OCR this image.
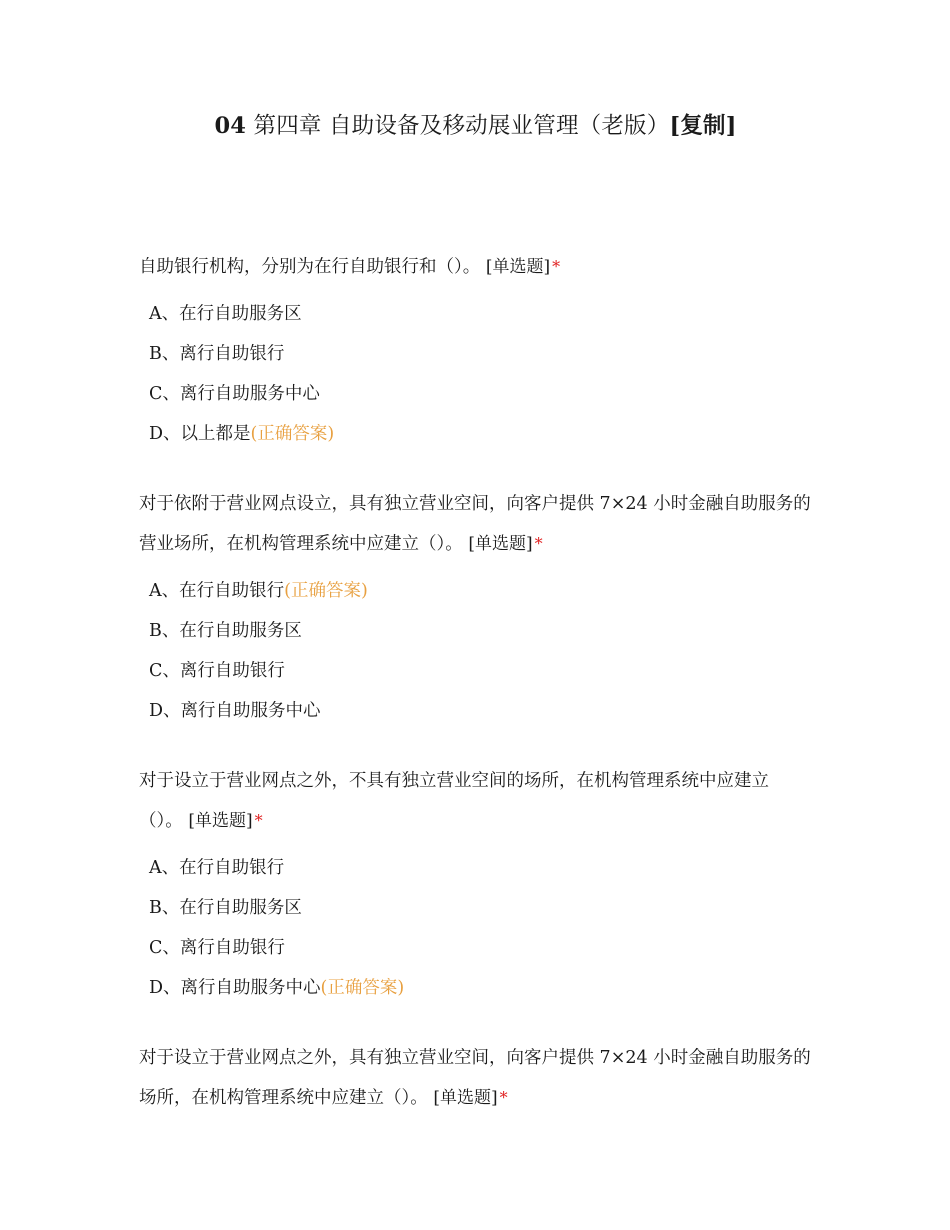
04 第四章 自助设备及移动展业管理（老版）[复制]

自助银行机构，分别为在行自助银行和（）。 [单选题] *

A、在行自助服务区
B、离行自助银行
C、离行自助服务中心
D、以上都是(正确答案)

对于依附于营业网点设立，具有独立营业空间，向客户提供 7×24 小时金融自助服务的营业场所，在机构管理系统中应建立（）。 [单选题] *

A、在行自助银行(正确答案)
B、在行自助服务区
C、离行自助银行
D、离行自助服务中心

对于设立于营业网点之外，不具有独立营业空间的场所，在机构管理系统中应建立（）。 [单选题] *

A、在行自助银行
B、在行自助服务区
C、离行自助银行
D、离行自助服务中心(正确答案)

对于设立于营业网点之外，具有独立营业空间，向客户提供 7×24 小时金融自助服务的场所，在机构管理系统中应建立（）。 [单选题] *
